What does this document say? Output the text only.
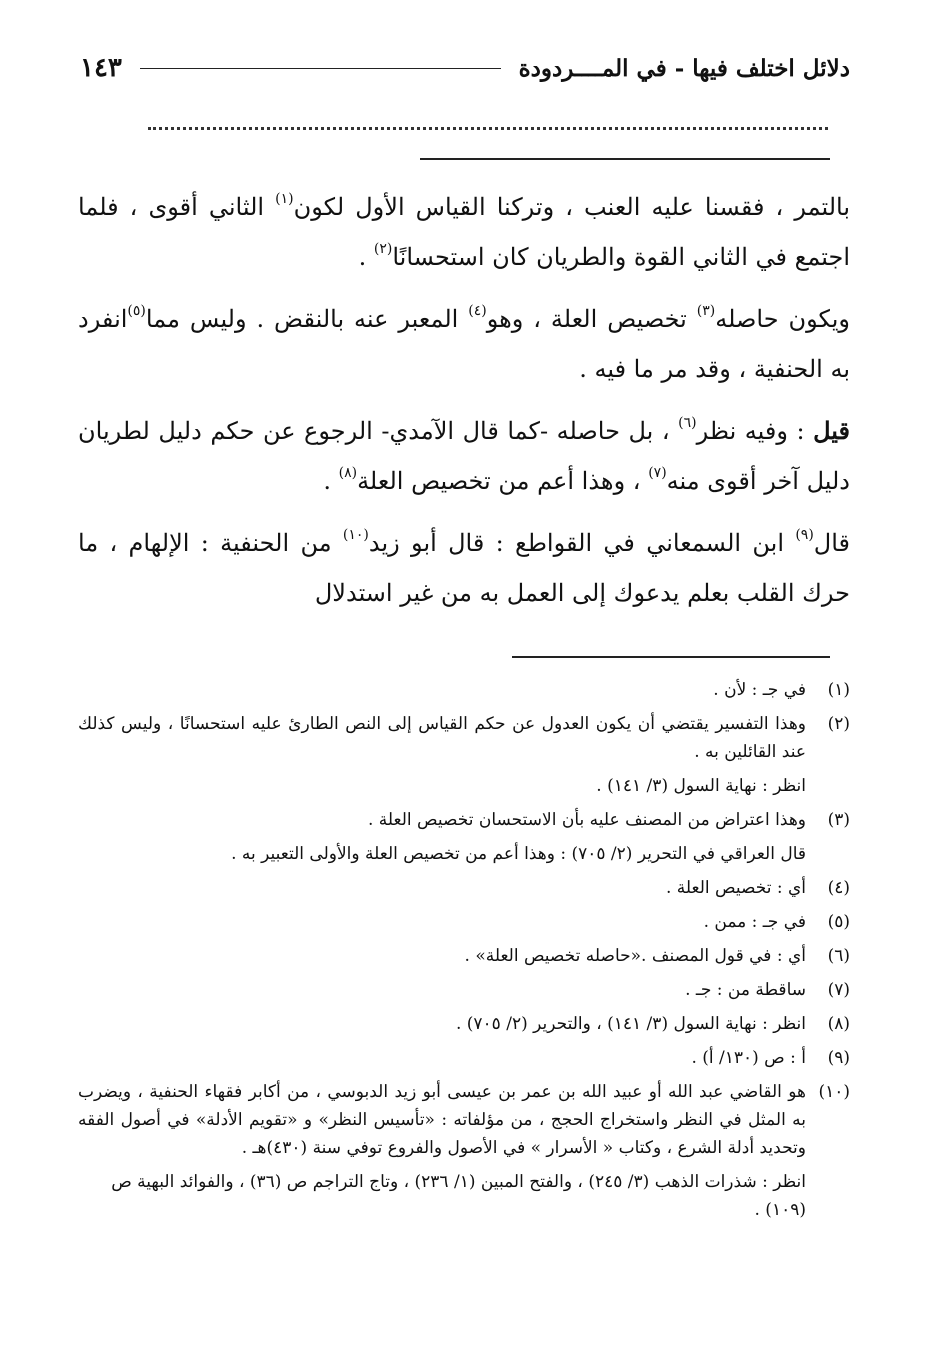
دلائل اختلف فيها - في المــــردودة
١٤٣

بالتمر ، فقسنا عليه العنب ، وتركنا القياس الأول لكون$^{(١)}$ الثاني أقوى ، فلما اجتمع في الثاني القوة والطريان كان استحسانًا$^{(٢)}$ .

ويكون حاصله$^{(٣)}$ تخصيص العلة ، وهو$^{(٤)}$ المعبر عنه بالنقض . وليس مما$^{(٥)}$انفرد به الحنفية ، وقد مر ما فيه .

قيل : وفيه نظر$^{(٦)}$ ، بل حاصله -كما قال الآمدي- الرجوع عن حكم دليل لطريان دليل آخر أقوى منه$^{(٧)}$ ، وهذا أعم من تخصيص العلة$^{(٨)}$ .

قال$^{(٩)}$ ابن السمعاني في القواطع : قال أبو زيد$^{(١٠)}$ من الحنفية : الإلهام ، ما حرك القلب بعلم يدعوك إلى العمل به من غير استدلال

(١)
في جـ : لأن .
(٢)
وهذا التفسير يقتضي أن يكون العدول عن حكم القياس إلى النص الطارئ عليه استحسانًا ، وليس كذلك عند القائلين به .
انظر : نهاية السول (٣/ ١٤١) .
(٣)
وهذا اعتراض من المصنف عليه بأن الاستحسان تخصيص العلة .
قال العراقي في التحرير (٢/ ٧٠٥) : وهذا أعم من تخصيص العلة والأولى التعبير به .
(٤)
أي : تخصيص العلة .
(٥)
في جـ : ممن .
(٦)
أي : في قول المصنف .«حاصله تخصيص العلة» .
(٧)
ساقطة من : جـ .
(٨)
انظر : نهاية السول (٣/ ١٤١) ، والتحرير (٢/ ٧٠٥) .
(٩)
أ : ص (١٣٠/ أ) .
(١٠)
هو القاضي عبد الله أو عبيد الله بن عمر بن عيسى أبو زيد الدبوسي ، من أكابر فقهاء الحنفية ، ويضرب به المثل في النظر واستخراج الحجج ، من مؤلفاته : «تأسيس النظر» و «تقويم الأدلة» في أصول الفقه وتحديد أدلة الشرع ، وكتاب « الأسرار » في الأصول والفروع توفي سنة (٤٣٠)هـ .
انظر : شذرات الذهب (٣/ ٢٤٥) ، والفتح المبين (١/ ٢٣٦) ، وتاج التراجم ص (٣٦) ، والفوائد البهية ص (١٠٩) .
